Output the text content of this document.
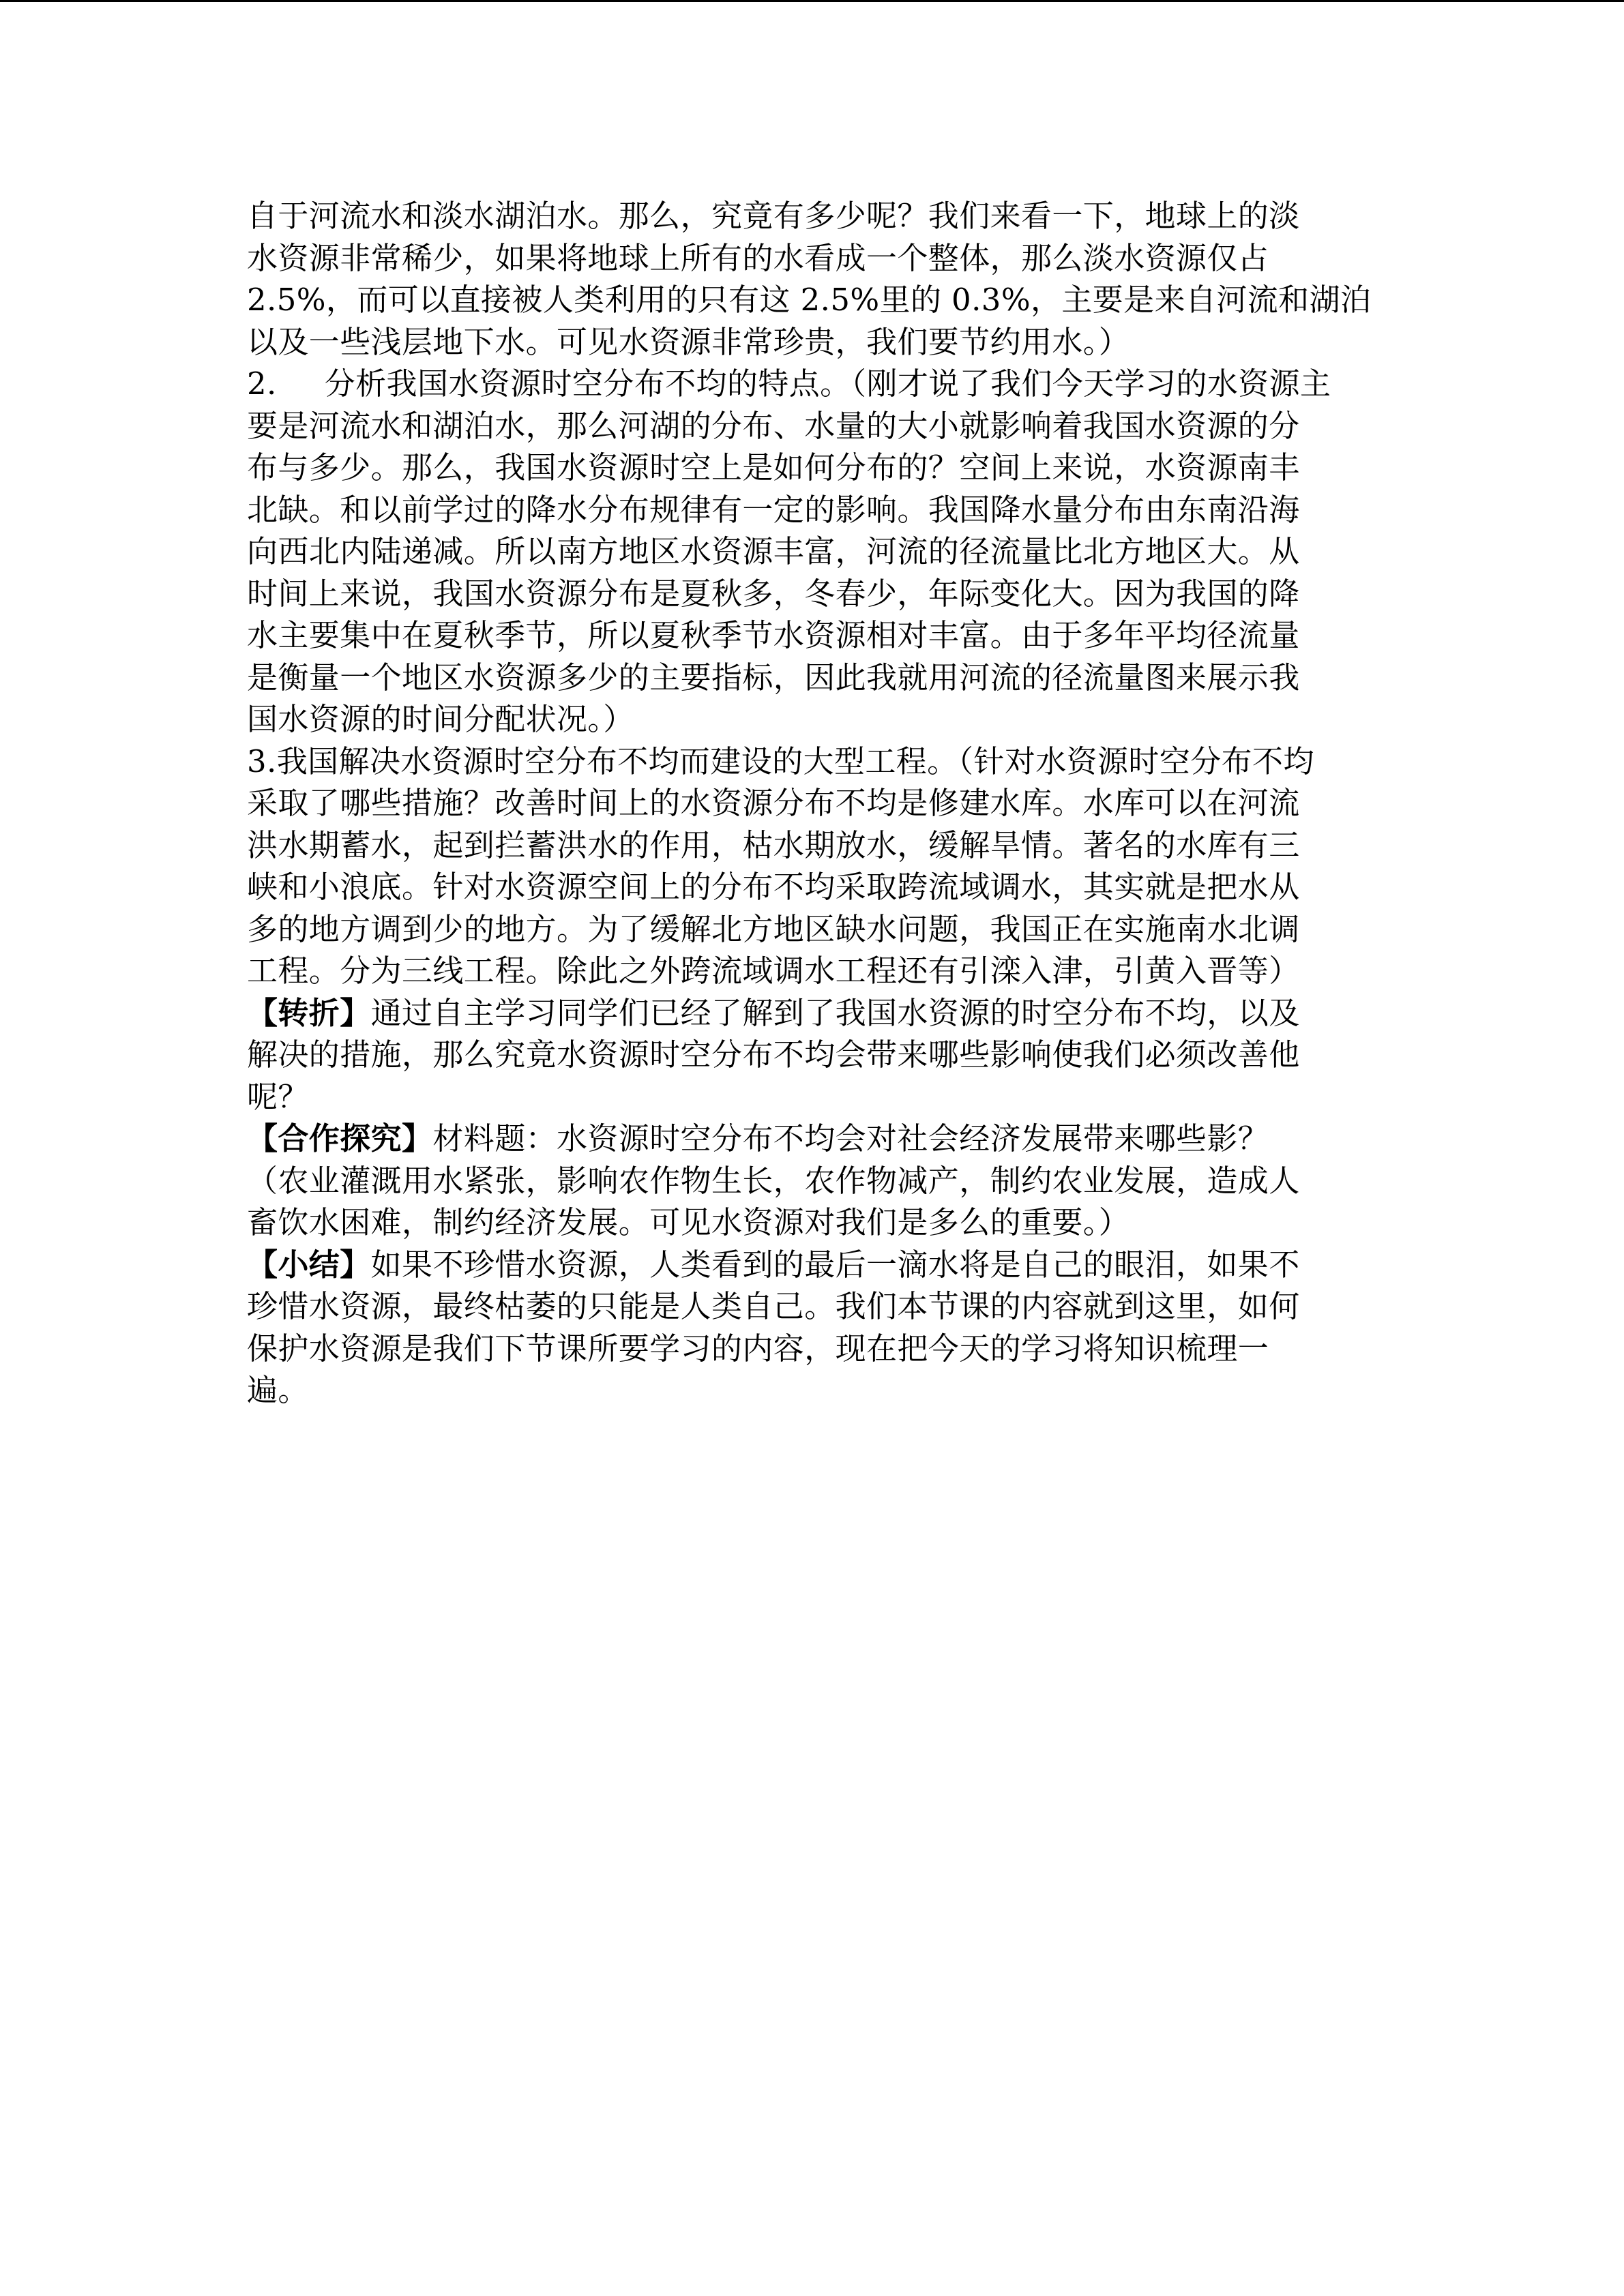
自于河流水和淡水湖泊水。那么，究竟有多少呢？我们来看一下，地球上的淡
水资源非常稀少，如果将地球上所有的水看成一个整体，那么淡水资源仅占
2.5%，而可以直接被人类利用的只有这 2.5%里的 0.3%，主要是来自河流和湖泊
以及一些浅层地下水。可见水资源非常珍贵，我们要节约用水。）
2. 分析我国水资源时空分布不均的特点。（刚才说了我们今天学习的水资源主
要是河流水和湖泊水，那么河湖的分布、水量的大小就影响着我国水资源的分
布与多少。那么，我国水资源时空上是如何分布的？空间上来说，水资源南丰
北缺。和以前学过的降水分布规律有一定的影响。我国降水量分布由东南沿海
向西北内陆递减。所以南方地区水资源丰富，河流的径流量比北方地区大。从
时间上来说，我国水资源分布是夏秋多，冬春少，年际变化大。因为我国的降
水主要集中在夏秋季节，所以夏秋季节水资源相对丰富。由于多年平均径流量
是衡量一个地区水资源多少的主要指标，因此我就用河流的径流量图来展示我
国水资源的时间分配状况。）
3.我国解决水资源时空分布不均而建设的大型工程。（针对水资源时空分布不均
采取了哪些措施？改善时间上的水资源分布不均是修建水库。水库可以在河流
洪水期蓄水，起到拦蓄洪水的作用，枯水期放水，缓解旱情。著名的水库有三
峡和小浪底。针对水资源空间上的分布不均采取跨流域调水，其实就是把水从
多的地方调到少的地方。为了缓解北方地区缺水问题，我国正在实施南水北调
工程。分为三线工程。除此之外跨流域调水工程还有引滦入津，引黄入晋等）
【转折】通过自主学习同学们已经了解到了我国水资源的时空分布不均，以及
解决的措施，那么究竟水资源时空分布不均会带来哪些影响使我们必须改善他
呢？
【合作探究】材料题：水资源时空分布不均会对社会经济发展带来哪些影？
（农业灌溉用水紧张，影响农作物生长，农作物减产，制约农业发展，造成人
畜饮水困难，制约经济发展。可见水资源对我们是多么的重要。）
【小结】如果不珍惜水资源，人类看到的最后一滴水将是自己的眼泪，如果不
珍惜水资源，最终枯萎的只能是人类自己。我们本节课的内容就到这里，如何
保护水资源是我们下节课所要学习的内容，现在把今天的学习将知识梳理一
遍。
